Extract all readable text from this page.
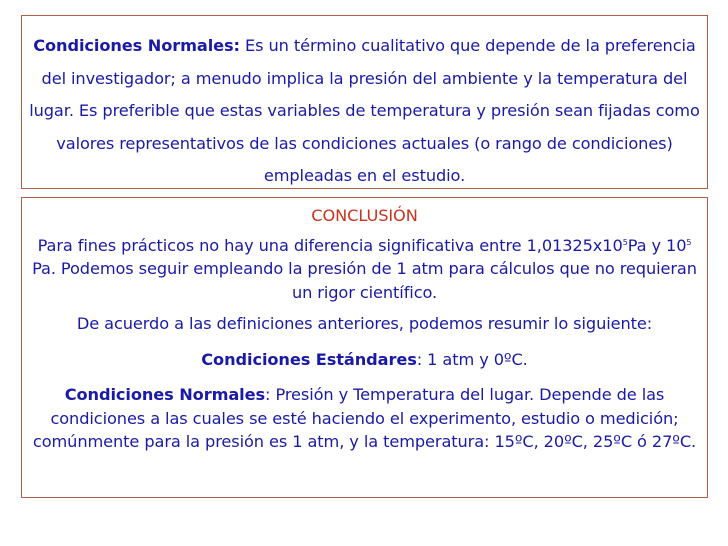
Condiciones Normales: Es un término cualitativo que depende de la preferencia del investigador; a menudo implica la presión del ambiente y la temperatura del lugar. Es preferible que estas variables de temperatura y presión sean fijadas como valores representativos de las condiciones actuales (o rango de condiciones) empleadas en el estudio.

CONCLUSIÓN

Para fines prácticos no hay una diferencia significativa entre $1,01325x10^5Pa$ y $10^5$ Pa. Podemos seguir empleando la presión de 1 atm para cálculos que no requieran un rigor científico.

De acuerdo a las definiciones anteriores, podemos resumir lo siguiente:

Condiciones Estándares: 1 atm y 0ºC.

Condiciones Normales: Presión y Temperatura del lugar. Depende de las condiciones a las cuales se esté haciendo el experimento, estudio o medición; comúnmente para la presión es 1 atm, y la temperatura: 15ºC, 20ºC, 25ºC ó 27ºC.
